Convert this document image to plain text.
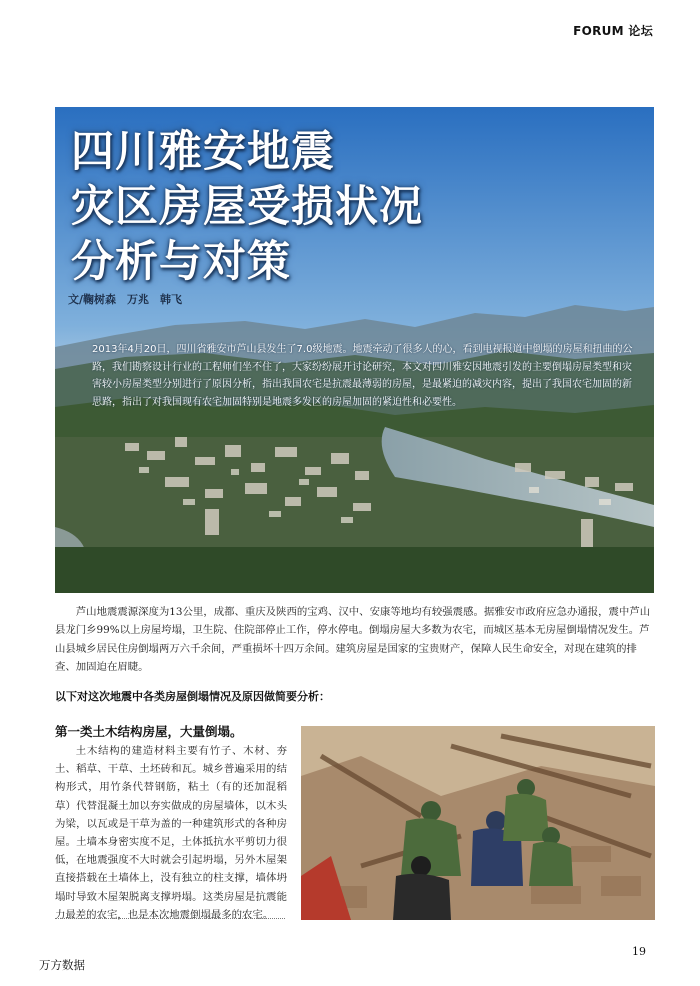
FORUM 论坛
四川雅安地震
灾区房屋受损状况
分析与对策
文/鞠树森　万兆　韩飞

2013年4月20日，四川省雅安市芦山县发生了7.0级地震。地震牵动了很多人的心，看到电视报道中倒塌的房屋和扭曲的公路，我们勘察设计行业的工程师们坐不住了，大家纷纷展开讨论研究，本文对四川雅安因地震引发的主要倒塌房屋类型和灾害较小房屋类型分别进行了原因分析，指出我国农宅是抗震最薄弱的房屋，是最紧迫的减灾内容，提出了我国农宅加固的新思路，指出了对我国现有农宅加固特别是地震多发区的房屋加固的紧迫性和必要性。

芦山地震震源深度为13公里，成都、重庆及陕西的宝鸡、汉中、安康等地均有较强震感。据雅安市政府应急办通报，震中芦山县龙门乡99%以上房屋垮塌，卫生院、住院部停止工作，停水停电。倒塌房屋大多数为农宅，而城区基本无房屋倒塌情况发生。芦山县城乡居民住房倒塌两万六千余间，严重损坏十四万余间。建筑房屋是国家的宝贵财产，保障人民生命安全，对现在建筑的排查、加固迫在眉睫。

以下对这次地震中各类房屋倒塌情况及原因做简要分析：

第一类土木结构房屋，大量倒塌。

土木结构的建造材料主要有竹子、木材、夯土、稻草、干草、土坯砖和瓦。城乡普遍采用的结构形式，用竹条代替钢筋，粘土（有的还加混稻草）代替混凝土加以夯实做成的房屋墙体，以木头为梁，以瓦或是干草为盖的一种建筑形式的各种房屋。土墙本身密实度不足，土体抵抗水平剪切力很低，在地震强度不大时就会引起坍塌，另外木屋架直接搭载在土墙体上，没有独立的柱支撑，墙体坍塌时导致木屋架脱离支撑坍塌。这类房屋是抗震能力最差的农宅，也是本次地震倒塌最多的农宅。

19
万方数据
